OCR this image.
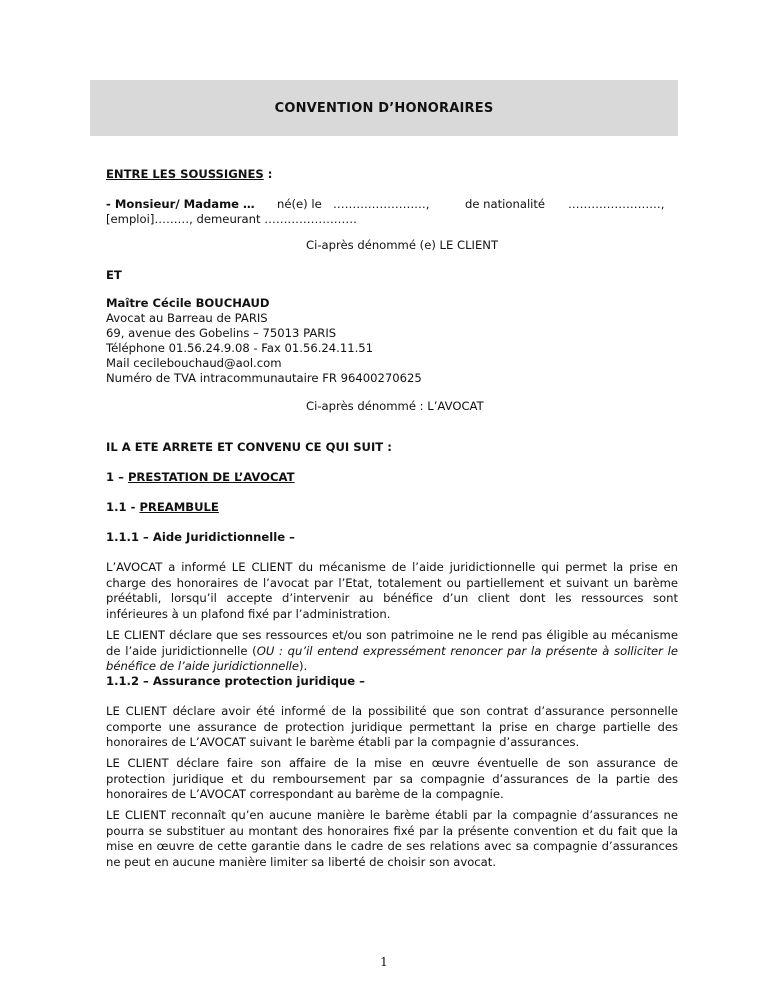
CONVENTION D’HONORAIRES
ENTRE LES SOUSSIGNES :
- Monsieur/ Madame … né(e) le ……………………,	de nationalité ……………………,
[emploi]………, demeurant ……………………
Ci-après dénommé (e) LE CLIENT
ET
Maître Cécile BOUCHAUD
Avocat au Barreau de PARIS
69, avenue des Gobelins – 75013 PARIS
Téléphone 01.56.24.9.08 - Fax 01.56.24.11.51
Mail cecilebouchaud@aol.com
Numéro de TVA intracommunautaire FR 96400270625
Ci-après dénommé : L’AVOCAT
IL A ETE ARRETE ET CONVENU CE QUI SUIT :
1 – PRESTATION DE L’AVOCAT
1.1 - PREAMBULE
1.1.1 – Aide Juridictionnelle –
L’AVOCAT a informé LE CLIENT du mécanisme de l’aide juridictionnelle qui permet la prise en charge des honoraires de l’avocat par l’Etat, totalement ou partiellement et suivant un barème préétabli, lorsqu’il accepte d’intervenir au bénéfice d’un client dont les ressources sont inférieures à un plafond fixé par l’administration.
LE CLIENT déclare que ses ressources et/ou son patrimoine ne le rend pas éligible au mécanisme de l’aide juridictionnelle (OU : qu’il entend expressément renoncer par la présente à solliciter le bénéfice de l’aide juridictionnelle).
1.1.2 – Assurance protection juridique –
LE CLIENT déclare avoir été informé de la possibilité que son contrat d’assurance personnelle comporte une assurance de protection juridique permettant la prise en charge partielle des honoraires de L’AVOCAT suivant le barème établi par la compagnie d’assurances.
LE CLIENT déclare faire son affaire de la mise en œuvre éventuelle de son assurance de protection juridique et du remboursement par sa compagnie d’assurances de la partie des honoraires de L’AVOCAT correspondant au barème de la compagnie.
LE CLIENT reconnaît qu’en aucune manière le barème établi par la compagnie d’assurances ne pourra se substituer au montant des honoraires fixé par la présente convention et du fait que la mise en œuvre de cette garantie dans le cadre de ses relations avec sa compagnie d’assurances ne peut en aucune manière limiter sa liberté de choisir son avocat.
1
